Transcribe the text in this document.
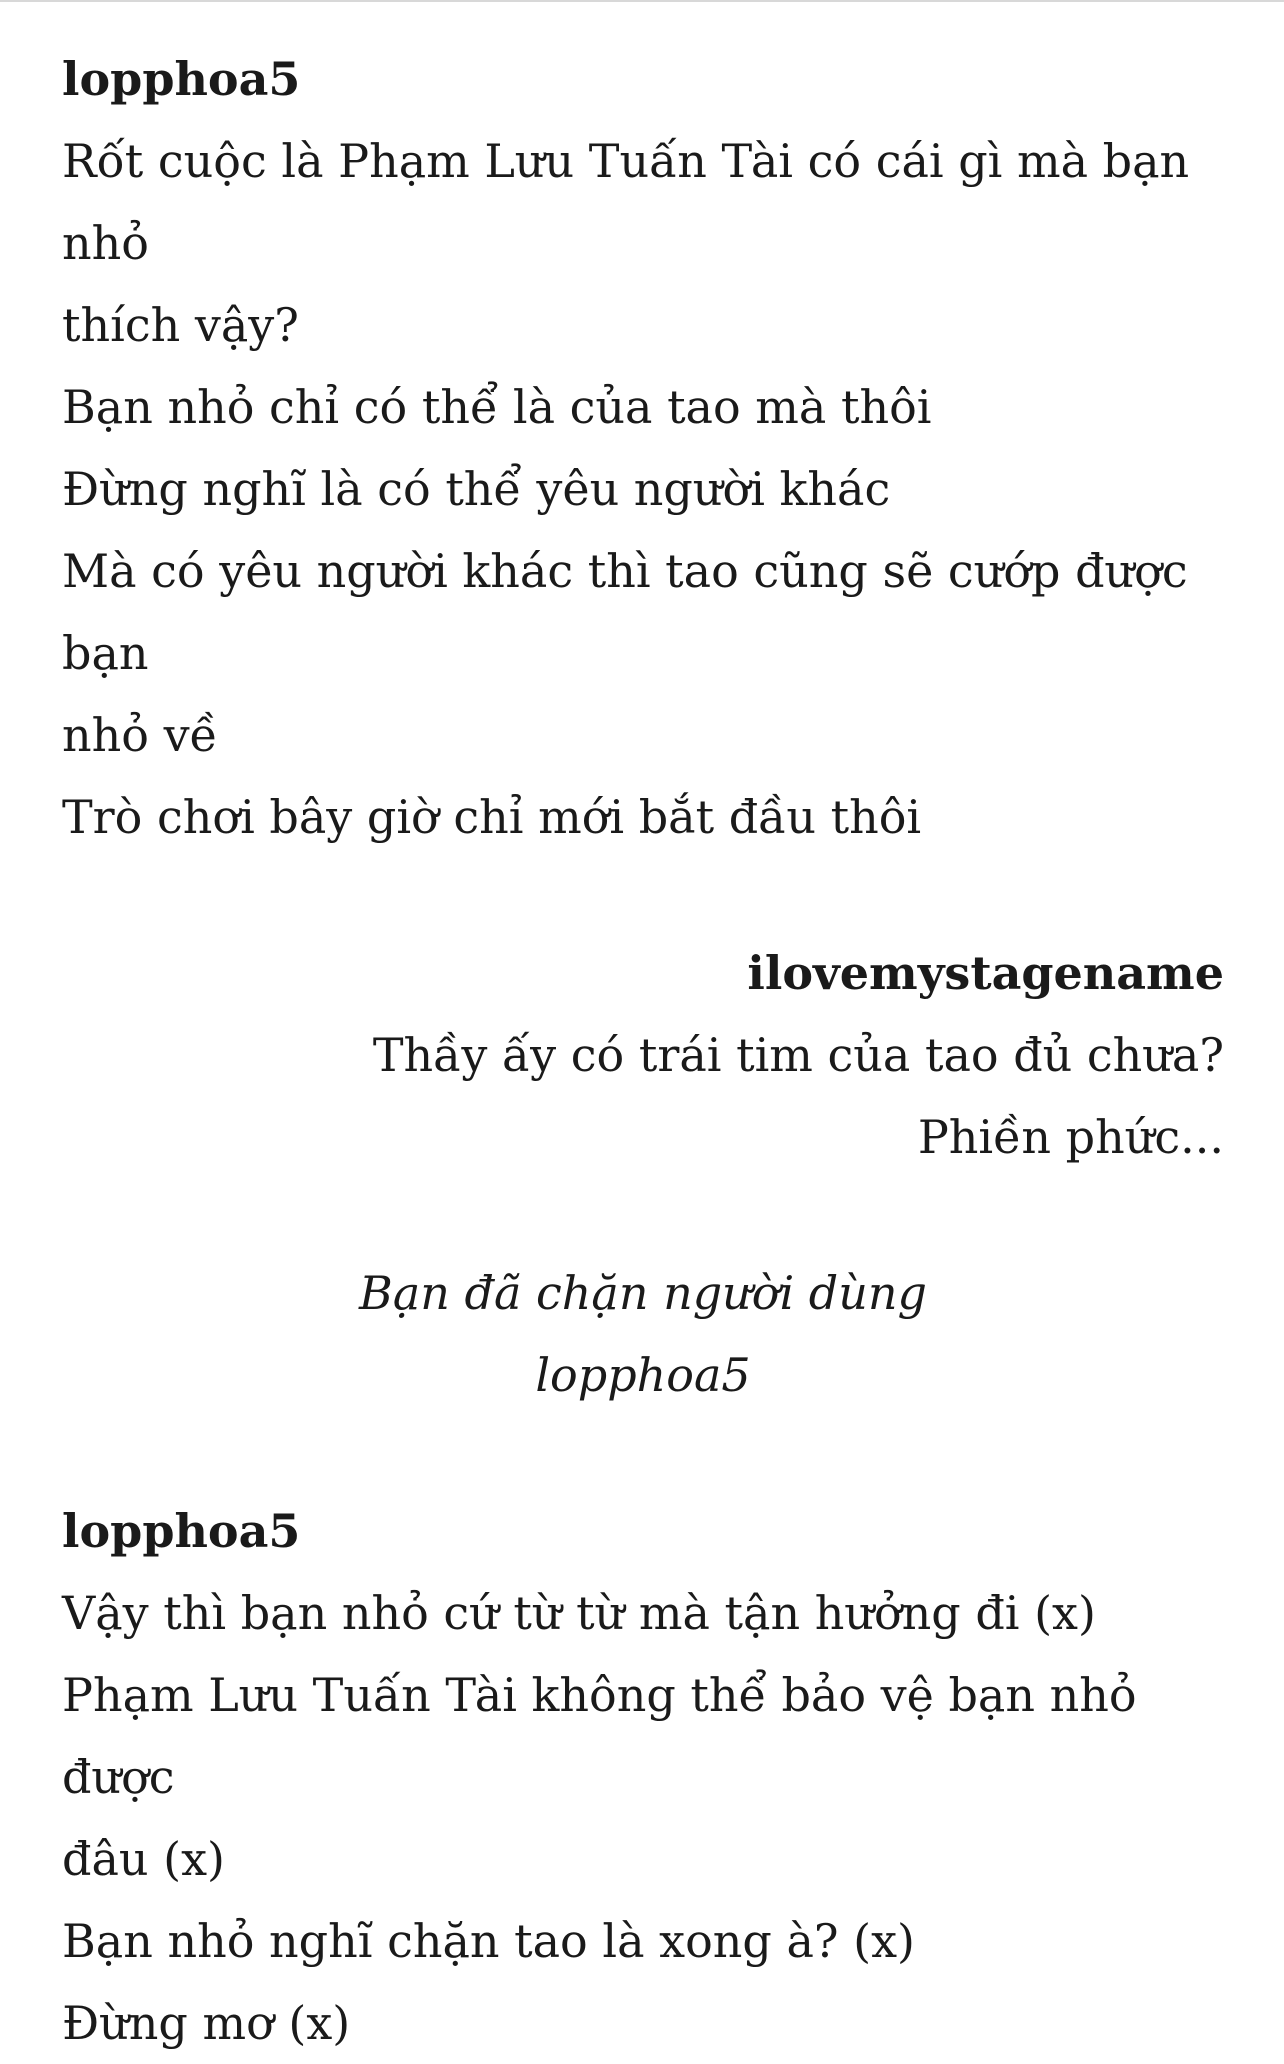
lopphoa5
Rốt cuộc là Phạm Lưu Tuấn Tài có cái gì mà bạn nhỏ
thích vậy?
Bạn nhỏ chỉ có thể là của tao mà thôi
Đừng nghĩ là có thể yêu người khác
Mà có yêu người khác thì tao cũng sẽ cướp được bạn
nhỏ về
Trò chơi bây giờ chỉ mới bắt đầu thôi
ilovemystagename
Thầy ấy có trái tim của tao đủ chưa?
Phiền phức...
Bạn đã chặn người dùng
lopphoa5
lopphoa5
Vậy thì bạn nhỏ cứ từ từ mà tận hưởng đi (x)
Phạm Lưu Tuấn Tài không thể bảo vệ bạn nhỏ được
đâu (x)
Bạn nhỏ nghĩ chặn tao là xong à? (x)
Đừng mơ (x)
